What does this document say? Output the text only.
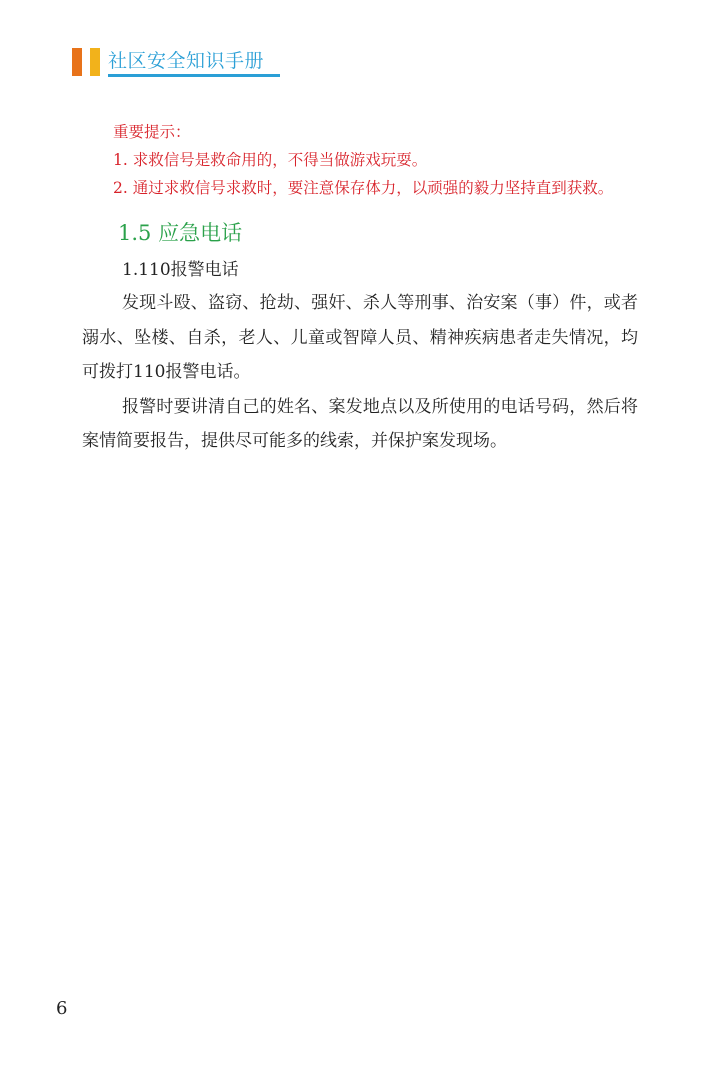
社区安全知识手册

重要提示：

1. 求救信号是救命用的，不得当做游戏玩耍。

2. 通过求救信号求救时，要注意保存体力，以顽强的毅力坚持直到获救。

1.5 应急电话

1.110报警电话

发现斗殴、盗窃、抢劫、强奸、杀人等刑事、治安案（事）件，或者溺水、坠楼、自杀，老人、儿童或智障人员、精神疾病患者走失情况，均可拨打110报警电话。

报警时要讲清自己的姓名、案发地点以及所使用的电话号码，然后将案情简要报告，提供尽可能多的线索，并保护案发现场。

6
